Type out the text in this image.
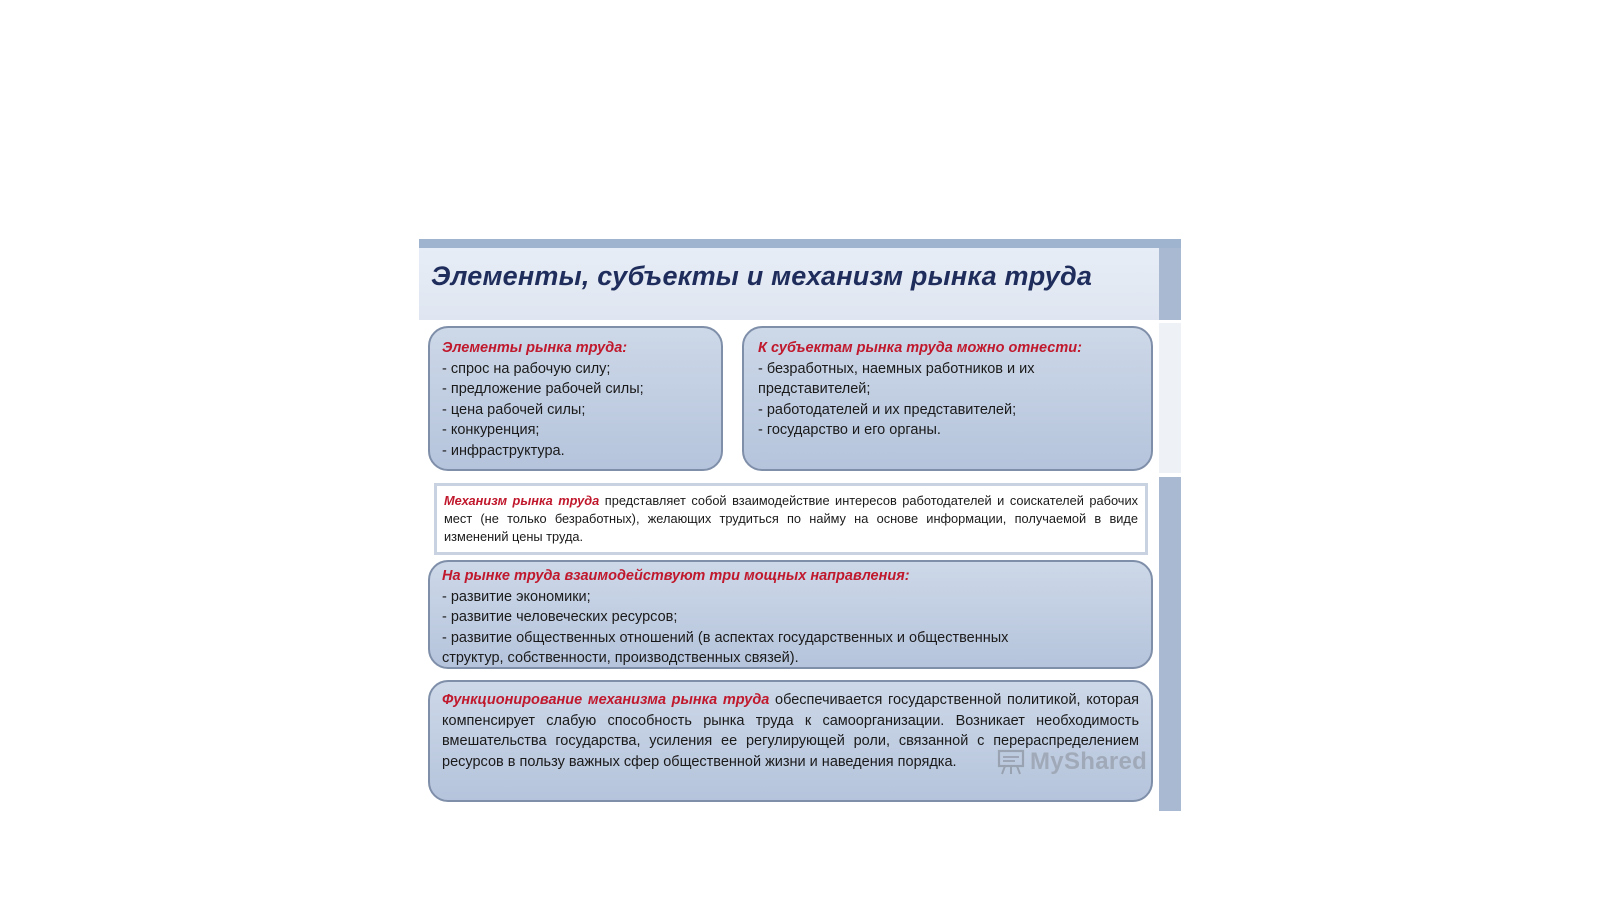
Элементы, субъекты и механизм рынка труда
Элементы рынка труда:
- спрос на рабочую силу;
- предложение рабочей силы;
- цена рабочей силы;
- конкуренция;
- инфраструктура.
К субъектам рынка труда можно отнести:
- безработных, наемных работников и их
представителей;
- работодателей и их представителей;
- государство и его органы.
Механизм рынка труда представляет собой взаимодействие интересов работодателей и соискателей рабочих мест (не только безработных), желающих трудиться по найму на основе информации, получаемой в виде изменений цены труда.
На рынке труда взаимодействуют три мощных направления:
- развитие экономики;
- развитие человеческих ресурсов;
- развитие общественных отношений (в аспектах государственных и общественных
структур, собственности, производственных связей).
Функционирование механизма рынка труда обеспечивается государственной политикой, которая компенсирует слабую способность рынка труда к самоорганизации. Возникает необходимость вмешательства государства, усиления ее регулирующей роли, связанной с перераспределением ресурсов в пользу важных сфер общественной жизни и наведения порядка.	MyShared
